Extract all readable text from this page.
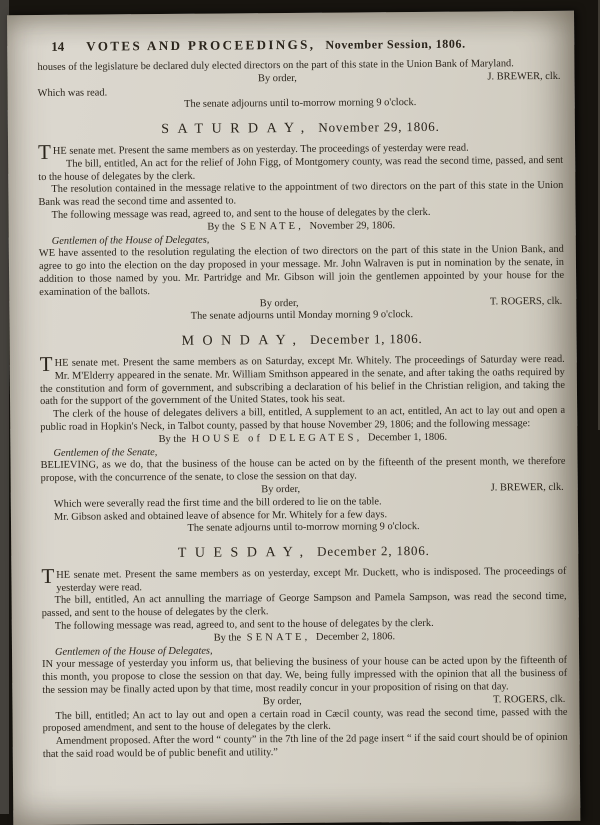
14 VOTES AND PROCEEDINGS, November Session, 1806.

houses of the legislature be declared duly elected directors on the part of this state in the Union Bank of Maryland.

By order,	J. BREWER, clk.

Which was read.

The senate adjourns until to-morrow morning 9 o'clock.

SATURDAY, November 29, 1806.

THE senate met. Present the same members as on yesterday. The proceedings of yesterday were read.

The bill, entitled, An act for the relief of John Figg, of Montgomery county, was read the second time, passed, and sent to the house of delegates by the clerk.

The resolution contained in the message relative to the appointment of two directors on the part of this state in the Union Bank was read the second time and assented to.

The following message was read, agreed to, and sent to the house of delegates by the clerk.

By the SENATE, November 29, 1806.

Gentlemen of the House of Delegates,

WE have assented to the resolution regulating the election of two directors on the part of this state in the Union Bank, and agree to go into the election on the day proposed in your message. Mr. John Walraven is put in nomination by the senate, in addition to those named by you. Mr. Partridge and Mr. Gibson will join the gentlemen appointed by your house for the examination of the ballots.

By order,	T. ROGERS, clk.

The senate adjourns until Monday morning 9 o'clock.

MONDAY, December 1, 1806.

THE senate met. Present the same members as on Saturday, except Mr. Whitely. The proceedings of Saturday were read. Mr. M'Elderry appeared in the senate. Mr. William Smithson appeared in the senate, and after taking the oaths required by the constitution and form of government, and subscribing a declaration of his belief in the Christian religion, and taking the oath for the support of the government of the United States, took his seat.

The clerk of the house of delegates delivers a bill, entitled, A supplement to an act, entitled, An act to lay out and open a public road in Hopkin's Neck, in Talbot county, passed by that house November 29, 1806; and the following message:

By the HOUSE of DELEGATES, December 1, 1806.

Gentlemen of the Senate,

BELIEVING, as we do, that the business of the house can be acted on by the fifteenth of the present month, we therefore propose, with the concurrence of the senate, to close the session on that day.

By order,	J. BREWER, clk.

Which were severally read the first time and the bill ordered to lie on the table.

Mr. Gibson asked and obtained leave of absence for Mr. Whitely for a few days.

The senate adjourns until to-morrow morning 9 o'clock.

TUESDAY, December 2, 1806.

THE senate met. Present the same members as on yesterday, except Mr. Duckett, who is indisposed. The proceedings of yesterday were read.

The bill, entitled, An act annulling the marriage of George Sampson and Pamela Sampson, was read the second time, passed, and sent to the house of delegates by the clerk.

The following message was read, agreed to, and sent to the house of delegates by the clerk.

By the SENATE, December 2, 1806.

Gentlemen of the House of Delegates,

IN your message of yesterday you inform us, that believing the business of your house can be acted upon by the fifteenth of this month, you propose to close the session on that day. We, being fully impressed with the opinion that all the business of the session may be finally acted upon by that time, most readily concur in your proposition of rising on that day.

By order,	T. ROGERS, clk.

The bill, entitled; An act to lay out and open a certain road in Cæcil county, was read the second time, passed with the proposed amendment, and sent to the house of delegates by the clerk.

Amendment proposed. After the word “ county” in the 7th line of the 2d page insert “ if the said court should be of opinion that the said road would be of public benefit and utility.”
